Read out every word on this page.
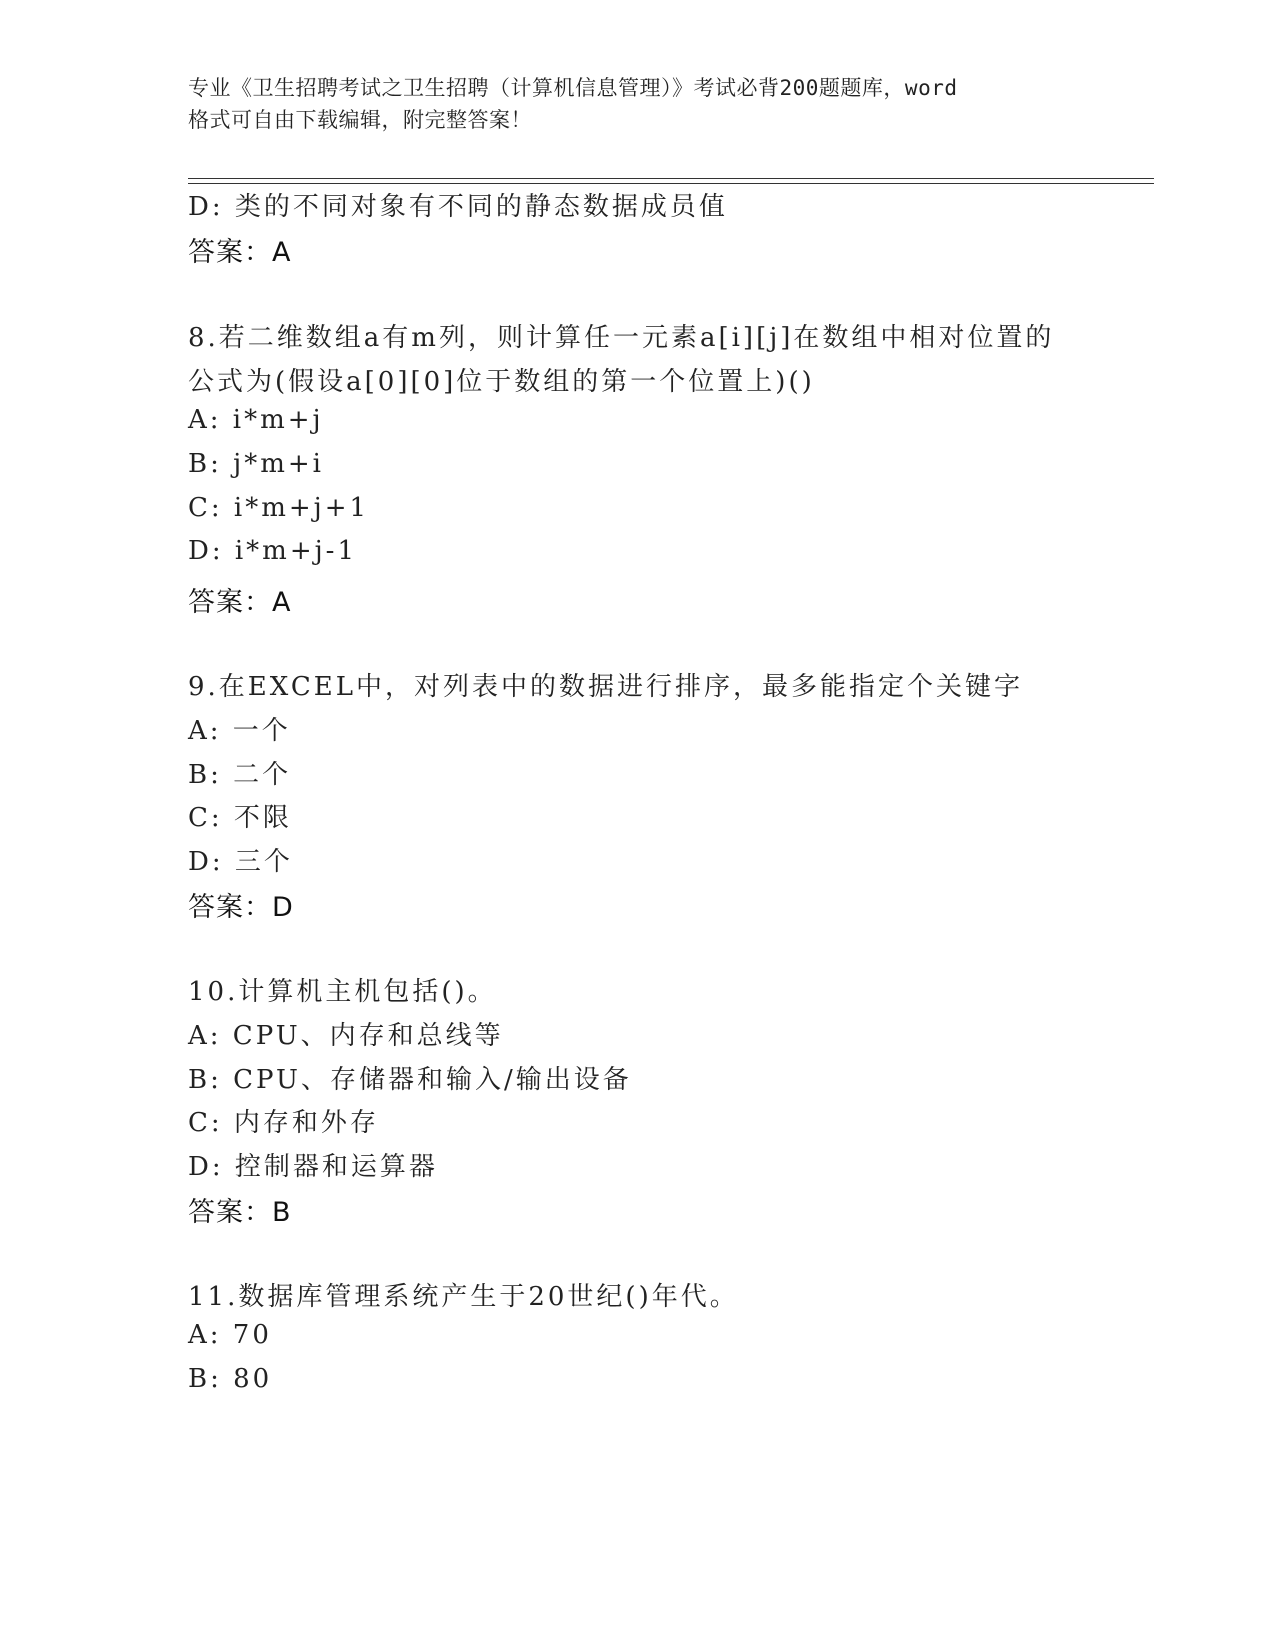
专业《卫生招聘考试之卫生招聘（计算机信息管理）》考试必背200题题库，word
格式可自由下载编辑，附完整答案！
D: 类的不同对象有不同的静态数据成员值
答案：A
8.若二维数组a有m列，则计算任一元素a[i][j]在数组中相对位置的
公式为(假设a[0][0]位于数组的第一个位置上)()
A: i*m+j
B: j*m+i
C: i*m+j+1
D: i*m+j-1
答案：A
9.在EXCEL中，对列表中的数据进行排序，最多能指定个关键字
A: 一个
B: 二个
C: 不限
D: 三个
答案：D
10.计算机主机包括()。
A: CPU、内存和总线等
B: CPU、存储器和输入/输出设备
C: 内存和外存
D: 控制器和运算器
答案：B
11.数据库管理系统产生于20世纪()年代。
A: 70
B: 80
